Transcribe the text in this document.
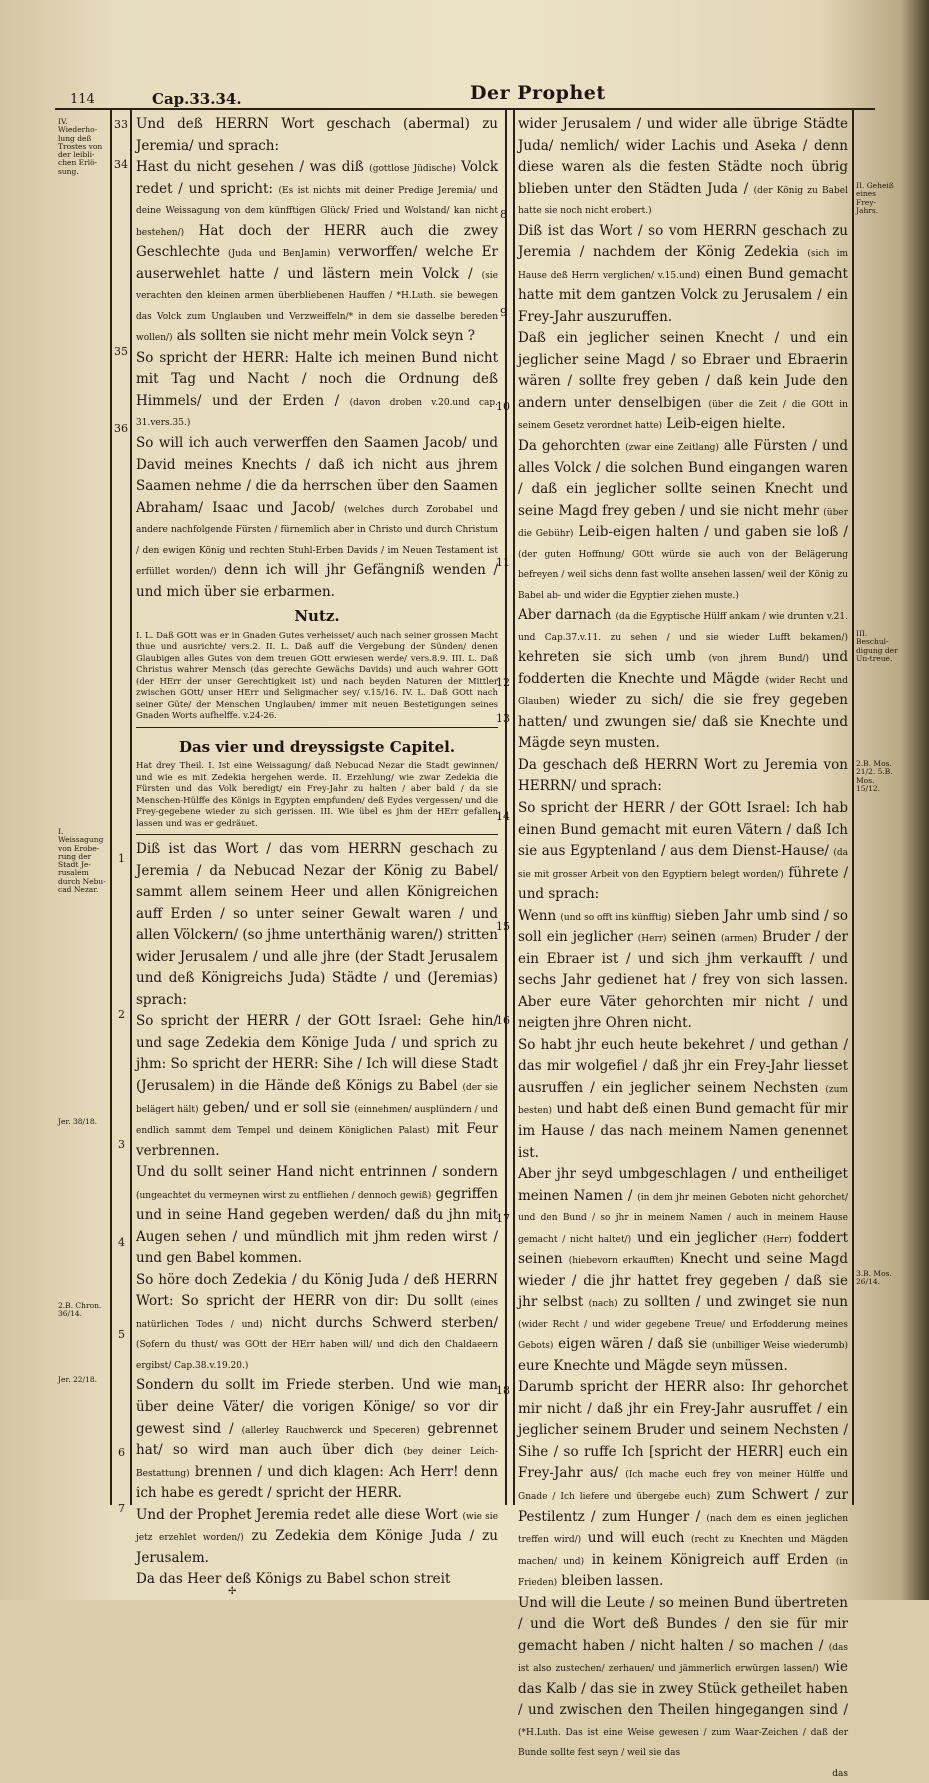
114	Cap.33.34.	Der Prophet
IV. Wiederho-lung deß Trostes von der leibli-chen Erlö-sung.
I. Weissagung von Erobe-rung der Stadt Je-rusalem durch Nebu-cad Nezar.
Jer. 38/18.
2.B. Chron. 36/14.
Jer. 22/18.
II. Geheiß eines Frey-Jahrs.
III. Beschul-digung der Un-treue.
2.B. Mos. 21/2. 5.B. Mos. 15/12.
3.B. Mos. 26/14.
33
34
35
36
1
2
3
4
5
6
7
8
9
10
11
12
13
14
15
16
17
18

Und deß HERRN Wort geschach (abermal) zu Jeremia/ und sprach:

Hast du nicht gesehen / was diß (gottlose Jüdische) Volck redet / und spricht: (Es ist nichts mit deiner Predige Jeremia/ und deine Weissagung von dem künfftigen Glück/ Fried und Wolstand/ kan nicht bestehen/) Hat doch der HERR auch die zwey Geschlechte (Juda und BenJamin) verworffen/ welche Er auserwehlet hatte / und lästern mein Volck / (sie verachten den kleinen armen überbliebenen Hauffen / *H.Luth. sie bewegen das Volck zum Unglauben und Verzweiffeln/* in dem sie dasselbe bereden wollen/) als sollten sie nicht mehr mein Volck seyn ?

So spricht der HERR: Halte ich meinen Bund nicht mit Tag und Nacht / noch die Ordnung deß Himmels/ und der Erden / (davon droben v.20.und cap. 31.vers.35.)

So will ich auch verwerffen den Saamen Jacob/ und David meines Knechts / daß ich nicht aus jhrem Saamen nehme / die da herrschen über den Saamen Abraham/ Isaac und Jacob/ (welches durch Zorobabel und andere nachfolgende Fürsten / fürnemlich aber in Christo und durch Christum / den ewigen König und rechten Stuhl-Erben Davids / im Neuen Testament ist erfüllet worden/) denn ich will jhr Gefängniß wenden / und mich über sie erbarmen.

Nutz.
I. L. Daß GOtt was er in Gnaden Gutes verheisset/ auch nach seiner grossen Macht thue und ausrichte/ vers.2. II. L. Daß auff die Vergebung der Sünden/ denen Glaubigen alles Gutes von dem treuen GOtt erwiesen werde/ vers.8.9. III. L. Daß Christus wahrer Mensch (das gerechte Gewächs Davids) und auch wahrer GOtt (der HErr der unser Gerechtigkeit ist) und nach beyden Naturen der Mittler zwischen GOtt/ unser HErr und Seligmacher sey/ v.15/16. IV. L. Daß GOtt nach seiner Güte/ der Menschen Unglauben/ immer mit neuen Bestetigungen seines Gnaden Worts aufhelffe. v.24-26.
Das vier und dreyssigste Capitel.
Hat drey Theil. I. Ist eine Weissagung/ daß Nebucad Nezar die Stadt gewinnen/ und wie es mit Zedekia hergehen werde. II. Erzehlung/ wie zwar Zedekia die Fürsten und das Volk beredigt/ ein Frey-Jahr zu halten / aber bald / da sie Menschen-Hülffe des Königs in Egypten empfunden/ deß Eydes vergessen/ und die Frey-gegebene wieder zu sich gerissen. III. Wie übel es jhm der HErr gefallen lassen und was er gedräuet.

Diß ist das Wort / das vom HERRN geschach zu Jeremia / da Nebucad Nezar der König zu Babel/ sammt allem seinem Heer und allen Königreichen auff Erden / so unter seiner Gewalt waren / und allen Völckern/ (so jhme unterthänig waren/) stritten wider Jerusalem / und alle jhre (der Stadt Jerusalem und deß Königreichs Juda) Städte / und (Jeremias) sprach:

So spricht der HERR / der GOtt Israel: Gehe hin/ und sage Zedekia dem Könige Juda / und sprich zu jhm: So spricht der HERR: Sihe / Ich will diese Stadt (Jerusalem) in die Hände deß Königs zu Babel (der sie belägert hält) geben/ und er soll sie (einnehmen/ ausplündern / und endlich sammt dem Tempel und deinem Königlichen Palast) mit Feur verbrennen.

Und du sollt seiner Hand nicht entrinnen / sondern (ungeachtet du vermeynen wirst zu entfliehen / dennoch gewiß) gegriffen und in seine Hand gegeben werden/ daß du jhn mit Augen sehen / und mündlich mit jhm reden wirst / und gen Babel kommen.

So höre doch Zedekia / du König Juda / deß HERRN Wort: So spricht der HERR von dir: Du sollt (eines natürlichen Todes / und) nicht durchs Schwerd sterben/ (Sofern du thust/ was GOtt der HErr haben will/ und dich den Chaldaeern ergibst/ Cap.38.v.19.20.)

Sondern du sollt im Friede sterben. Und wie man über deine Väter/ die vorigen Könige/ so vor dir gewest sind / (allerley Rauchwerck und Speceren) gebrennet hat/ so wird man auch über dich (bey deiner Leich-Bestattung) brennen / und dich klagen: Ach Herr! denn ich habe es geredt / spricht der HERR.

Und der Prophet Jeremia redet alle diese Wort (wie sie jetz erzehlet worden/) zu Zedekia dem Könige Juda / zu Jerusalem.

Da das Heer deß Königs zu Babel schon streit

wider Jerusalem / und wider alle übrige Städte Juda/ nemlich/ wider Lachis und Aseka / denn diese waren als die festen Städte noch übrig blieben unter den Städten Juda / (der König zu Babel hatte sie noch nicht erobert.)

Diß ist das Wort / so vom HERRN geschach zu Jeremia / nachdem der König Zedekia (sich im Hause deß Herrn verglichen/ v.15.und) einen Bund gemacht hatte mit dem gantzen Volck zu Jerusalem / ein Frey-Jahr auszuruffen.

Daß ein jeglicher seinen Knecht / und ein jeglicher seine Magd / so Ebraer und Ebraerin wären / sollte frey geben / daß kein Jude den andern unter denselbigen (über die Zeit / die GOtt in seinem Gesetz verordnet hatte) Leib-eigen hielte.

Da gehorchten (zwar eine Zeitlang) alle Fürsten / und alles Volck / die solchen Bund eingangen waren / daß ein jeglicher sollte seinen Knecht und seine Magd frey geben / und sie nicht mehr (über die Gebühr) Leib-eigen halten / und gaben sie loß / (der guten Hoffnung/ GOtt würde sie auch von der Belägerung befreyen / weil sichs denn fast wollte ansehen lassen/ weil der König zu Babel ab- und wider die Egyptier ziehen muste.)

Aber darnach (da die Egyptische Hülff ankam / wie drunten v.21. und Cap.37.v.11. zu sehen / und sie wieder Lufft bekamen/) kehreten sie sich umb (von jhrem Bund/) und fodderten die Knechte und Mägde (wider Recht und Glauben) wieder zu sich/ die sie frey gegeben hatten/ und zwungen sie/ daß sie Knechte und Mägde seyn musten.

Da geschach deß HERRN Wort zu Jeremia von HERRN/ und sprach:

So spricht der HERR / der GOtt Israel: Ich hab einen Bund gemacht mit euren Vätern / daß Ich sie aus Egyptenland / aus dem Dienst-Hause/ (da sie mit grosser Arbeit von den Egyptiern belegt worden/) führete / und sprach:

Wenn (und so offt ins künfftig) sieben Jahr umb sind / so soll ein jeglicher (Herr) seinen (armen) Bruder / der ein Ebraer ist / und sich jhm verkaufft / und sechs Jahr gedienet hat / frey von sich lassen. Aber eure Väter gehorchten mir nicht / und neigten jhre Ohren nicht.

So habt jhr euch heute bekehret / und gethan / das mir wolgefiel / daß jhr ein Frey-Jahr liesset ausruffen / ein jeglicher seinem Nechsten (zum besten) und habt deß einen Bund gemacht für mir im Hause / das nach meinem Namen genennet ist.

Aber jhr seyd umbgeschlagen / und entheiliget meinen Namen / (in dem jhr meinen Geboten nicht gehorchet/ und den Bund / so jhr in meinem Namen / auch in meinem Hause gemacht / nicht haltet/) und ein jeglicher (Herr) foddert seinen (hiebevorn erkaufften) Knecht und seine Magd wieder / die jhr hattet frey gegeben / daß sie jhr selbst (nach) zu sollten / und zwinget sie nun (wider Recht / und wider gegebene Treue/ und Erfodderung meines Gebots) eigen wären / daß sie (unbilliger Weise wiederumb) eure Knechte und Mägde seyn müssen.

Darumb spricht der HERR also: Ihr gehorchet mir nicht / daß jhr ein Frey-Jahr ausruffet / ein jeglicher seinem Bruder und seinem Nechsten / Sihe / so ruffe Ich [spricht der HERR] euch ein Frey-Jahr aus/ (Ich mache euch frey von meiner Hülffe und Gnade / Ich liefere und übergebe euch) zum Schwert / zur Pestilentz / zum Hunger / (nach dem es einen jeglichen treffen wird/) und will euch (recht zu Knechten und Mägden machen/ und) in keinem Königreich auff Erden (in Frieden) bleiben lassen.

Und will die Leute / so meinen Bund übertreten / und die Wort deß Bundes / den sie für mir gemacht haben / nicht halten / so machen / (das ist also zustechen/ zerhauen/ und jämmerlich erwürgen lassen/) wie das Kalb / das sie in zwey Stück getheilet haben / und zwischen den Theilen hingegangen sind / (*H.Luth. Das ist eine Weise gewesen / zum Waar-Zeichen / daß der Bunde sollte fest seyn / weil sie das

das

✢
